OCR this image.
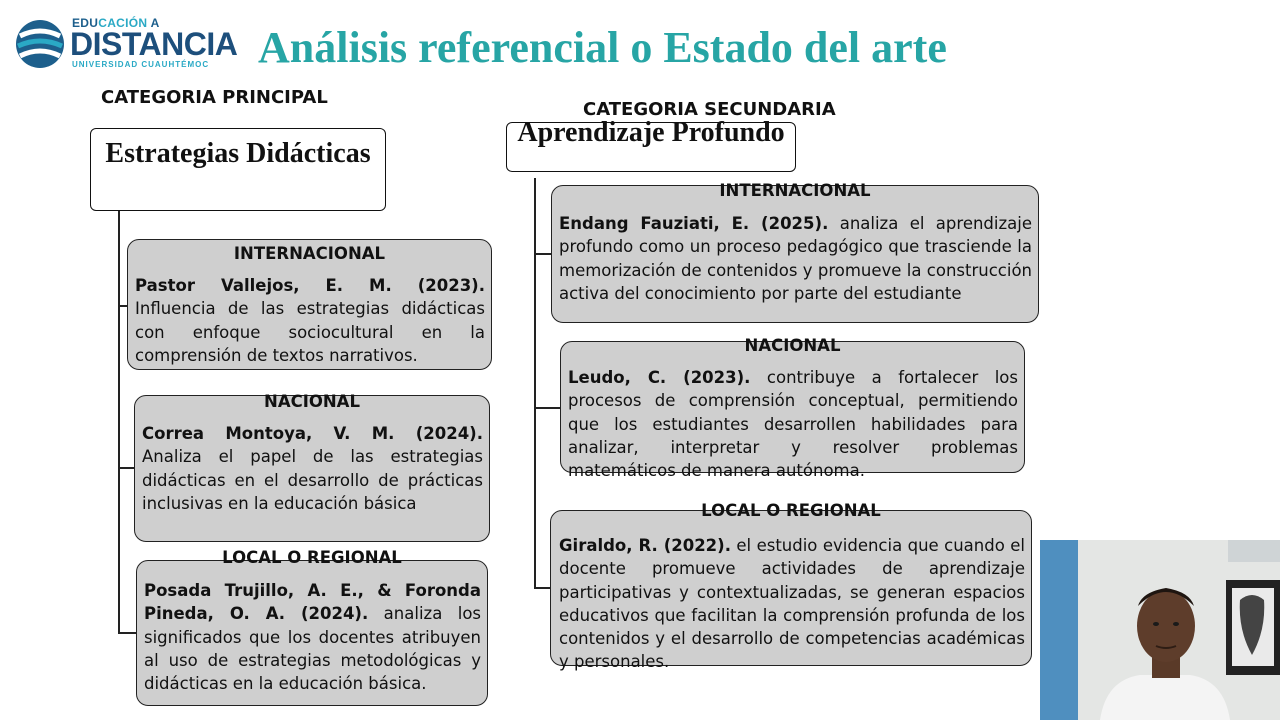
EDUCACIÓN A
DISTANCIA
UNIVERSIDAD CUAUHTÉMOC Análisis referencial o Estado del arte
CATEGORIA PRINCIPAL
Estrategias Didácticas
INTERNACIONAL
Pastor Vallejos, E. M. (2023). Influencia de las estrategias didácticas con enfoque sociocultural en la comprensión de textos narrativos.
NACIONAL
Correa Montoya, V. M. (2024). Analiza el papel de las estrategias didácticas en el desarrollo de prácticas inclusivas en la educación básica
LOCAL O REGIONAL
Posada Trujillo, A. E., & Foronda Pineda, O. A. (2024). analiza los significados que los docentes atribuyen al uso de estrategias metodológicas y didácticas en la educación básica.
CATEGORIA SECUNDARIA
Aprendizaje Profundo
INTERNACIONAL
Endang Fauziati, E. (2025). analiza el aprendizaje profundo como un proceso pedagógico que trasciende la memorización de contenidos y promueve la construcción activa del conocimiento por parte del estudiante
NACIONAL
Leudo, C. (2023). contribuye a fortalecer los procesos de comprensión conceptual, permitiendo que los estudiantes desarrollen habilidades para analizar, interpretar y resolver problemas matemáticos de manera autónoma.
LOCAL O REGIONAL
Giraldo, R. (2022). el estudio evidencia que cuando el docente promueve actividades de aprendizaje participativas y contextualizadas, se generan espacios educativos que facilitan la comprensión profunda de los contenidos y el desarrollo de competencias académicas y personales.
